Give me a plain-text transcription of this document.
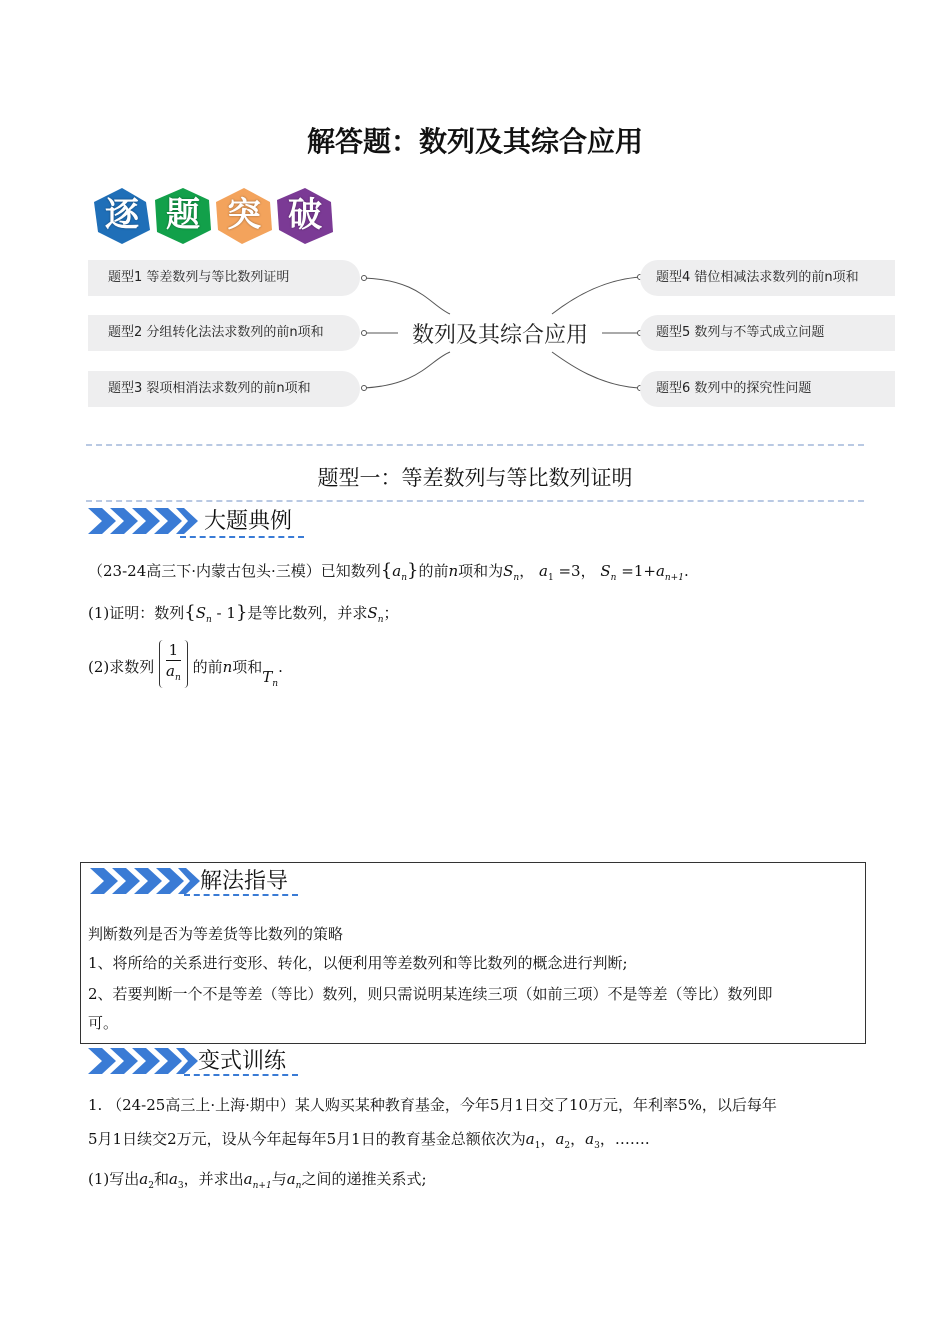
解答题：数列及其综合应用
逐 题 突 破
题型1 等差数列与等比数列证明
题型2 分组转化法法求数列的前n项和
题型3 裂项相消法求数列的前n项和
数列及其综合应用
题型4 错位相减法求数列的前n项和
题型5 数列与不等式成立问题
题型6 数列中的探究性问题
题型一：等差数列与等比数列证明
大题典例
（23-24高三下·内蒙古包头·三模）已知数列$\{a_n\}$的前n项和为$S_n$， $a_1 =3$， $S_n =1+a_{n+1}$.
(1)证明：数列$\{S_n - 1\}$是等比数列，并求$S_n$；
(2)求数列 $\frac{1}{a_n}$ 的前n项和$T_n$.
解法指导
判断数列是否为等差货等比数列的策略
1、将所给的关系进行变形、转化，以便利用等差数列和等比数列的概念进行判断;
2、若要判断一个不是等差（等比）数列，则只需说明某连续三项（如前三项）不是等差（等比）数列即
可。
变式训练
1. （24-25高三上·上海·期中）某人购买某种教育基金，今年5月1日交了10万元，年利率5%，以后每年
5月1日续交2万元，设从今年起每年5月1日的教育基金总额依次为$a_1$，$a_2$，$a_3$，…….
(1)写出$a_2$和$a_3$，并求出$a_{n+1}$与$a_n$之间的递推关系式;
